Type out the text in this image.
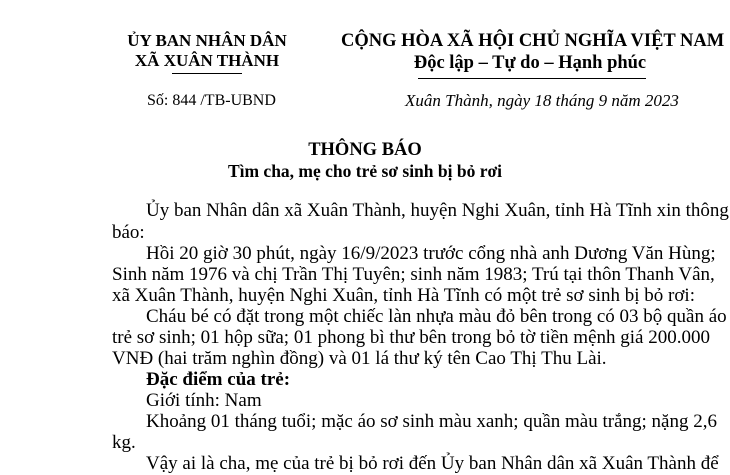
ỦY BAN NHÂN DÂN
XÃ XUÂN THÀNH
CỘNG HÒA XÃ HỘI CHỦ NGHĨA VIỆT NAM
Độc lập – Tự do – Hạnh phúc
Số: 844 /TB-UBND	Xuân Thành, ngày 18 tháng 9 năm 2023
THÔNG BÁO
Tìm cha, mẹ cho trẻ sơ sinh bị bỏ rơi
Ủy ban Nhân dân xã Xuân Thành, huyện Nghi Xuân, tỉnh Hà Tĩnh xin thông
báo:
Hồi 20 giờ 30 phút, ngày 16/9/2023 trước cổng nhà anh Dương Văn Hùng;
Sinh năm 1976 và chị Trần Thị Tuyên; sinh năm 1983; Trú tại thôn Thanh Vân,
xã Xuân Thành, huyện Nghi Xuân, tỉnh Hà Tĩnh có một trẻ sơ sinh bị bỏ rơi:
Cháu bé có đặt trong một chiếc làn nhựa màu đỏ bên trong có 03 bộ quần áo
trẻ sơ sinh; 01 hộp sữa; 01 phong bì thư bên trong bỏ tờ tiền mệnh giá 200.000
VNĐ (hai trăm nghìn đồng) và 01 lá thư ký tên Cao Thị Thu Lài.
Đặc điểm của trẻ:
Giới tính: Nam
Khoảng 01 tháng tuổi; mặc áo sơ sinh màu xanh; quần màu trắng; nặng 2,6
kg.
Vậy ai là cha, mẹ của trẻ bị bỏ rơi đến Ủy ban Nhân dân xã Xuân Thành để
